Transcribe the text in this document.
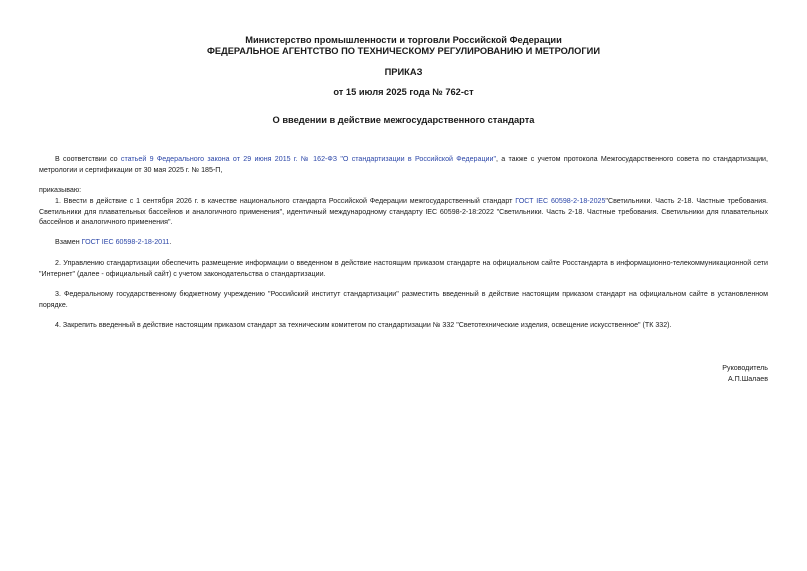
Министерство промышленности и торговли Российской Федерации
ФЕДЕРАЛЬНОЕ АГЕНТСТВО ПО ТЕХНИЧЕСКОМУ РЕГУЛИРОВАНИЮ И МЕТРОЛОГИИ
ПРИКАЗ
от 15 июля 2025 года № 762-ст
О введении в действие межгосударственного стандарта
В соответствии со статьей 9 Федерального закона от 29 июня 2015 г. № 162-ФЗ "О стандартизации в Российской Федерации", а также с учетом протокола Межгосударственного совета по стандартизации, метрологии и сертификации от 30 мая 2025 г. № 185-П,
приказываю:
1. Ввести в действие с 1 сентября 2026 г. в качестве национального стандарта Российской Федерации межгосударственный стандарт ГОСТ IEC 60598-2-18-2025"Светильники. Часть 2-18. Частные требования. Светильники для плавательных бассейнов и аналогичного применения", идентичный международному стандарту IEC 60598-2-18:2022 "Светильники. Часть 2-18. Частные требования. Светильники для плавательных бассейнов и аналогичного применения".
Взамен ГОСТ IEC 60598-2-18-2011.
2. Управлению стандартизации обеспечить размещение информации о введенном в действие настоящим приказом стандарте на официальном сайте Росстандарта в информационно-телекоммуникационной сети "Интернет" (далее - официальный сайт) с учетом законодательства о стандартизации.
3. Федеральному государственному бюджетному учреждению "Российский институт стандартизации" разместить введенный в действие настоящим приказом стандарт на официальном сайте в установленном порядке.
4. Закрепить введенный в действие настоящим приказом стандарт за техническим комитетом по стандартизации № 332 "Светотехнические изделия, освещение искусственное" (ТК 332).
Руководитель
А.П.Шалаев
